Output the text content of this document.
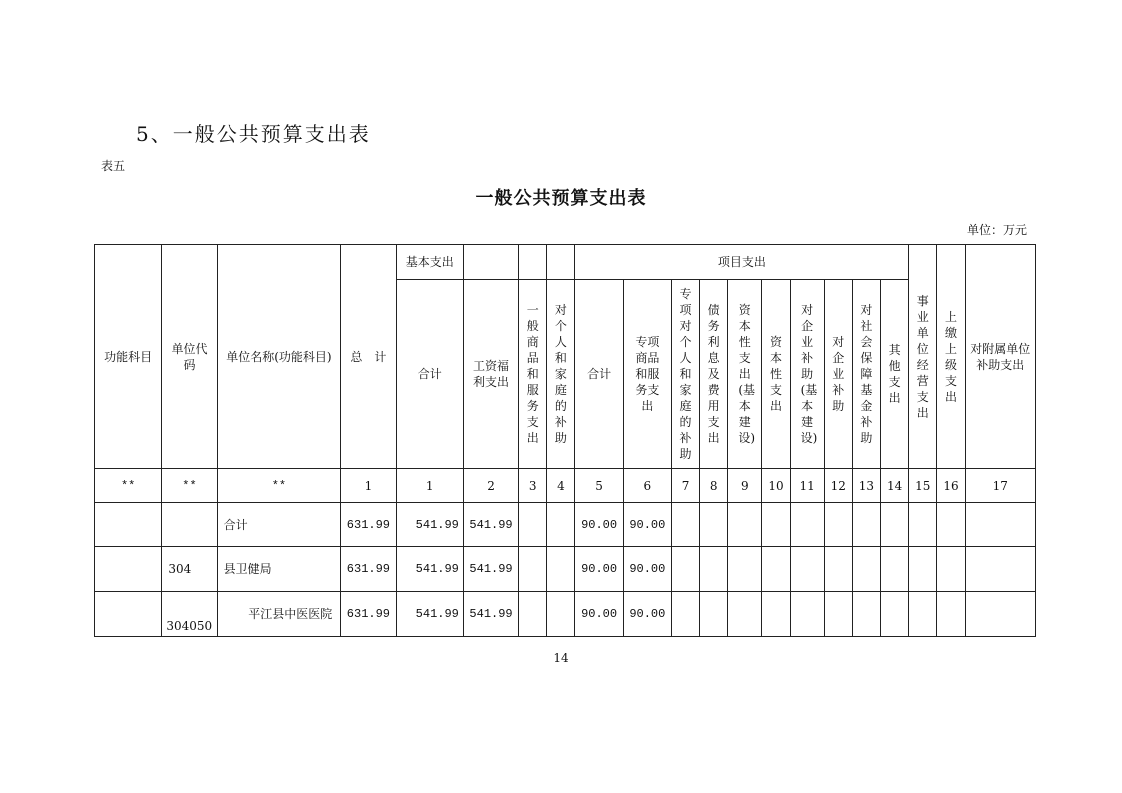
5、一般公共预算支出表
表五
一般公共预算支出表
单位：万元
功能科目	单位代码	单位名称(功能科目)	总　计	基本支出				项目支出										事业单位经营支出	上缴上级支出	对附属单位补助支出
				合计	工资福利支出	一般商品和服务支出	对个人和家庭的补助	合计	专项商品和服务支出	专项对个人和家庭的补助	债务利息及费用支出	资本性支出(基本建设)	资本性支出	对企业补助(基本建设)	对企业补助	对社会保障基金补助	其他支出			
**	**	**	1	1	2	3	4	5	6	7	8	9	10	11	12	13	14	15	16	17
		合计	631.99	541.99	541.99			90.00	90.00											
	304	县卫健局	631.99	541.99	541.99			90.00	90.00											
	304050	平江县中医医院	631.99	541.99	541.99			90.00	90.00											
14
